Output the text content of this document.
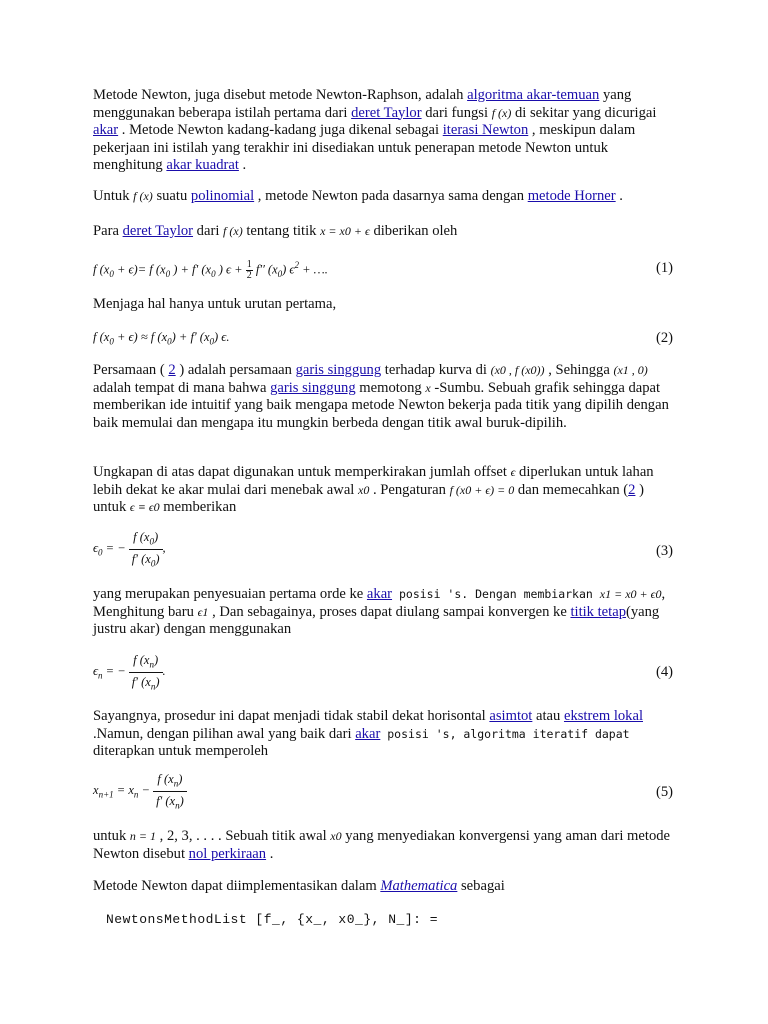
Metode Newton, juga disebut metode Newton-Raphson, adalah algoritma akar-temuan yang menggunakan beberapa istilah pertama dari deret Taylor dari fungsi f (x) di sekitar yang dicurigai akar . Metode Newton kadang-kadang juga dikenal sebagai iterasi Newton , meskipun dalam pekerjaan ini istilah yang terakhir ini disediakan untuk penerapan metode Newton untuk menghitung akar kuadrat .
Untuk f (x) suatu polinomial , metode Newton pada dasarnya sama dengan metode Horner .
Para deret Taylor dari f (x) tentang titik x = x0 + ϵ diberikan oleh
f $(x_0 + \epsilon)= f$ ($x_0$ ) + f′ ($x_0$ ) $\epsilon + \frac{1}{2} f''$ $(x_0) \epsilon^2$ + ….	(1)
Menjaga hal hanya untuk urutan pertama,
f $(x_0 + \epsilon) \approx f$ $(x_0) + f'$ $(x_0)$ ϵ.	(2)
Persamaan ( 2 ) adalah persamaan garis singgung terhadap kurva di (x0 , f (x0)) , Sehingga (x1 , 0) adalah tempat di mana bahwa garis singgung memotong x -Sumbu. Sebuah grafik sehingga dapat memberikan ide intuitif yang baik mengapa metode Newton bekerja pada titik yang dipilih dengan baik memulai dan mengapa itu mungkin berbeda dengan titik awal buruk-dipilih.
Ungkapan di atas dapat digunakan untuk memperkirakan jumlah offset ϵ diperlukan untuk lahan lebih dekat ke akar mulai dari menebak awal x0 . Pengaturan f (x0 + ϵ) = 0 dan memecahkan (2 ) untuk ϵ ≡ ϵ0 memberikan
$\epsilon_0$ = − $\frac{f (x_0)}{f' (x_0)}$ ,	(3)
yang merupakan penyesuaian pertama orde ke akar posisi 's. Dengan membiarkan x1 = x0 + ϵ0, Menghitung baru ϵ1 , Dan sebagainya, proses dapat diulang sampai konvergen ke titik tetap(yang justru akar) dengan menggunakan
$\epsilon_n$ = − $\frac{f (x_n)}{f' (x_n)}$ .	(4)
Sayangnya, prosedur ini dapat menjadi tidak stabil dekat horisontal asimtot atau ekstrem lokal .Namun, dengan pilihan awal yang baik dari akar posisi 's, algoritma iteratif dapat
diterapkan untuk memperoleh
$x_{n+1} = x_n - \frac{f (x_n)}{f' (x_n)}$	(5)
untuk n = 1 , 2, 3, . . . . Sebuah titik awal x0 yang menyediakan konvergensi yang aman dari metode Newton disebut nol perkiraan .
Metode Newton dapat diimplementasikan dalam Mathematica sebagai
NewtonsMethodList [f_, {x_, x0_}, N_]: =
